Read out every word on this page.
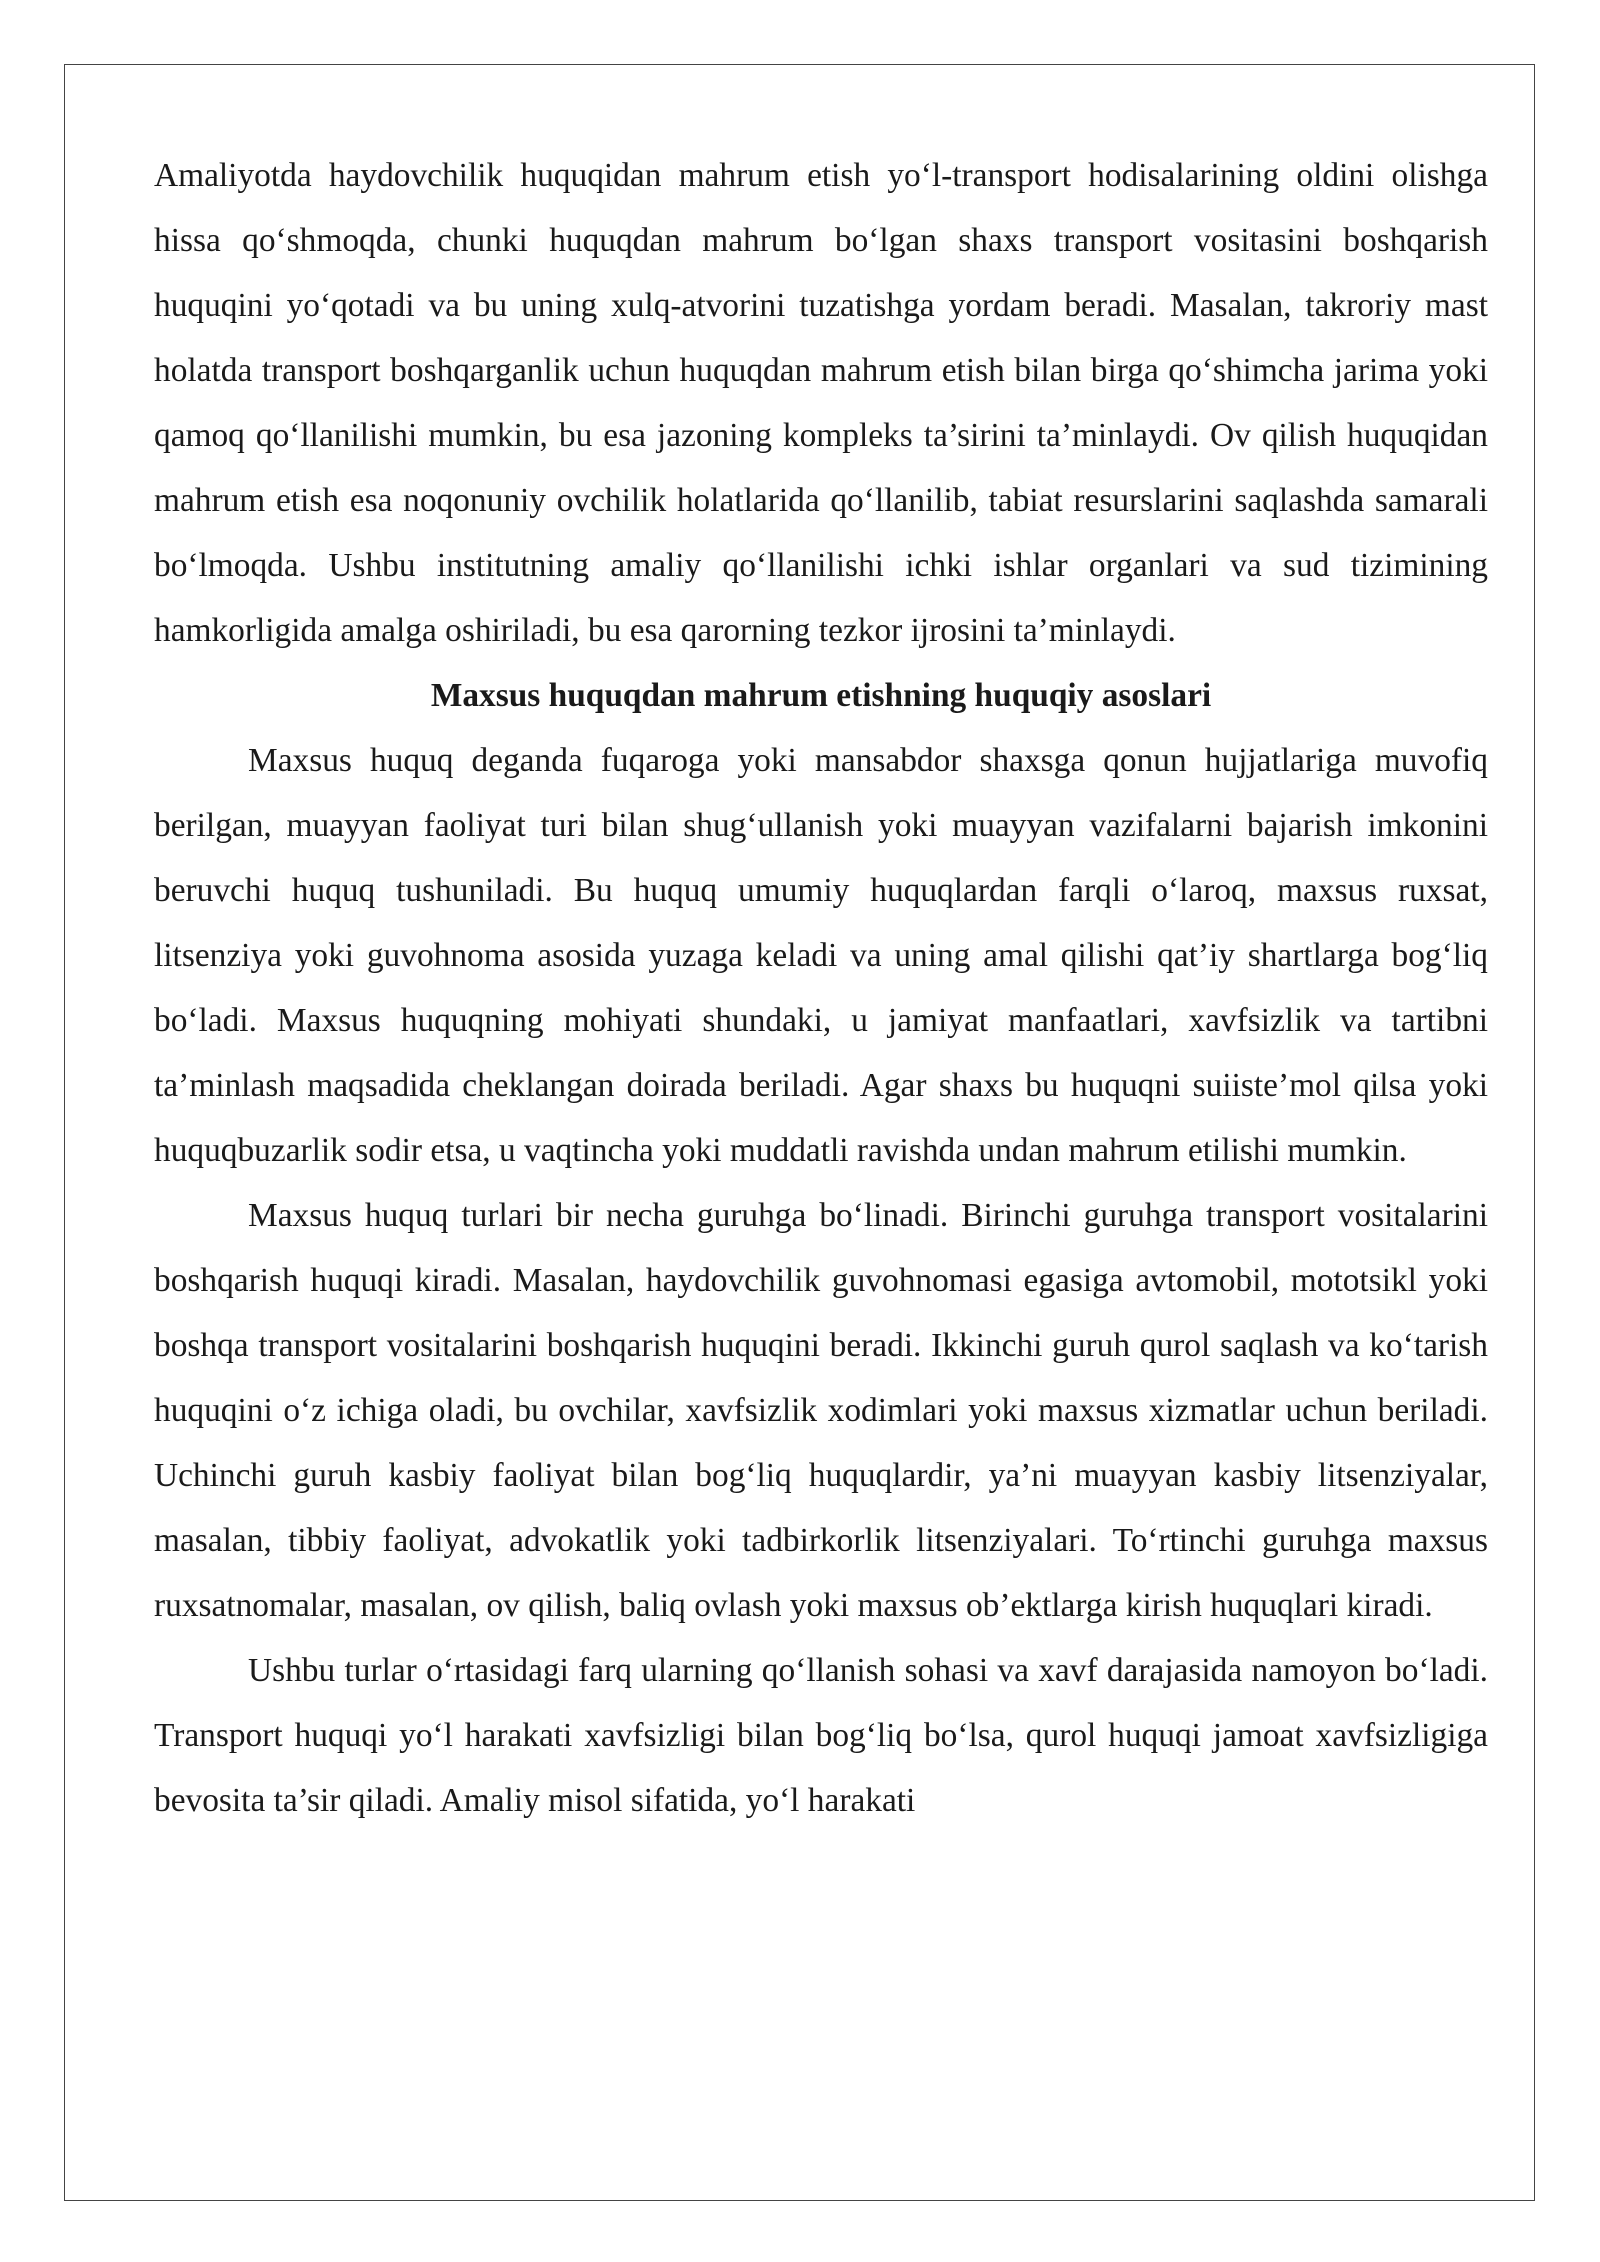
Amaliyotda haydovchilik huquqidan mahrum etish yo‘l-transport hodisalarining oldini olishga hissa qo‘shmoqda, chunki huquqdan mahrum bo‘lgan shaxs transport vositasini boshqarish huquqini yo‘qotadi va bu uning xulq-atvorini tuzatishga yordam beradi. Masalan, takroriy mast holatda transport boshqarganlik uchun huquqdan mahrum etish bilan birga qo‘shimcha jarima yoki qamoq qo‘llanilishi mumkin, bu esa jazoning kompleks ta’sirini ta’minlaydi. Ov qilish huquqidan mahrum etish esa noqonuniy ovchilik holatlarida qo‘llanilib, tabiat resurslarini saqlashda samarali bo‘lmoqda. Ushbu institutning amaliy qo‘llanilishi ichki ishlar organlari va sud tizimining hamkorligida amalga oshiriladi, bu esa qarorning tezkor ijrosini ta’minlaydi.

Maxsus huquqdan mahrum etishning huquqiy asoslari

Maxsus huquq deganda fuqaroga yoki mansabdor shaxsga qonun hujjatlariga muvofiq berilgan, muayyan faoliyat turi bilan shug‘ullanish yoki muayyan vazifalarni bajarish imkonini beruvchi huquq tushuniladi. Bu huquq umumiy huquqlardan farqli o‘laroq, maxsus ruxsat, litsenziya yoki guvohnoma asosida yuzaga keladi va uning amal qilishi qat’iy shartlarga bog‘liq bo‘ladi. Maxsus huquqning mohiyati shundaki, u jamiyat manfaatlari, xavfsizlik va tartibni ta’minlash maqsadida cheklangan doirada beriladi. Agar shaxs bu huquqni suiiste’mol qilsa yoki huquqbuzarlik sodir etsa, u vaqtincha yoki muddatli ravishda undan mahrum etilishi mumkin.

Maxsus huquq turlari bir necha guruhga bo‘linadi. Birinchi guruhga transport vositalarini boshqarish huquqi kiradi. Masalan, haydovchilik guvohnomasi egasiga avtomobil, mototsikl yoki boshqa transport vositalarini boshqarish huquqini beradi. Ikkinchi guruh qurol saqlash va ko‘tarish huquqini o‘z ichiga oladi, bu ovchilar, xavfsizlik xodimlari yoki maxsus xizmatlar uchun beriladi. Uchinchi guruh kasbiy faoliyat bilan bog‘liq huquqlardir, ya’ni muayyan kasbiy litsenziyalar, masalan, tibbiy faoliyat, advokatlik yoki tadbirkorlik litsenziyalari. To‘rtinchi guruhga maxsus ruxsatnomalar, masalan, ov qilish, baliq ovlash yoki maxsus ob’ektlarga kirish huquqlari kiradi.

Ushbu turlar o‘rtasidagi farq ularning qo‘llanish sohasi va xavf darajasida namoyon bo‘ladi. Transport huquqi yo‘l harakati xavfsizligi bilan bog‘liq bo‘lsa, qurol huquqi jamoat xavfsizligiga bevosita ta’sir qiladi. Amaliy misol sifatida, yo‘l harakati
